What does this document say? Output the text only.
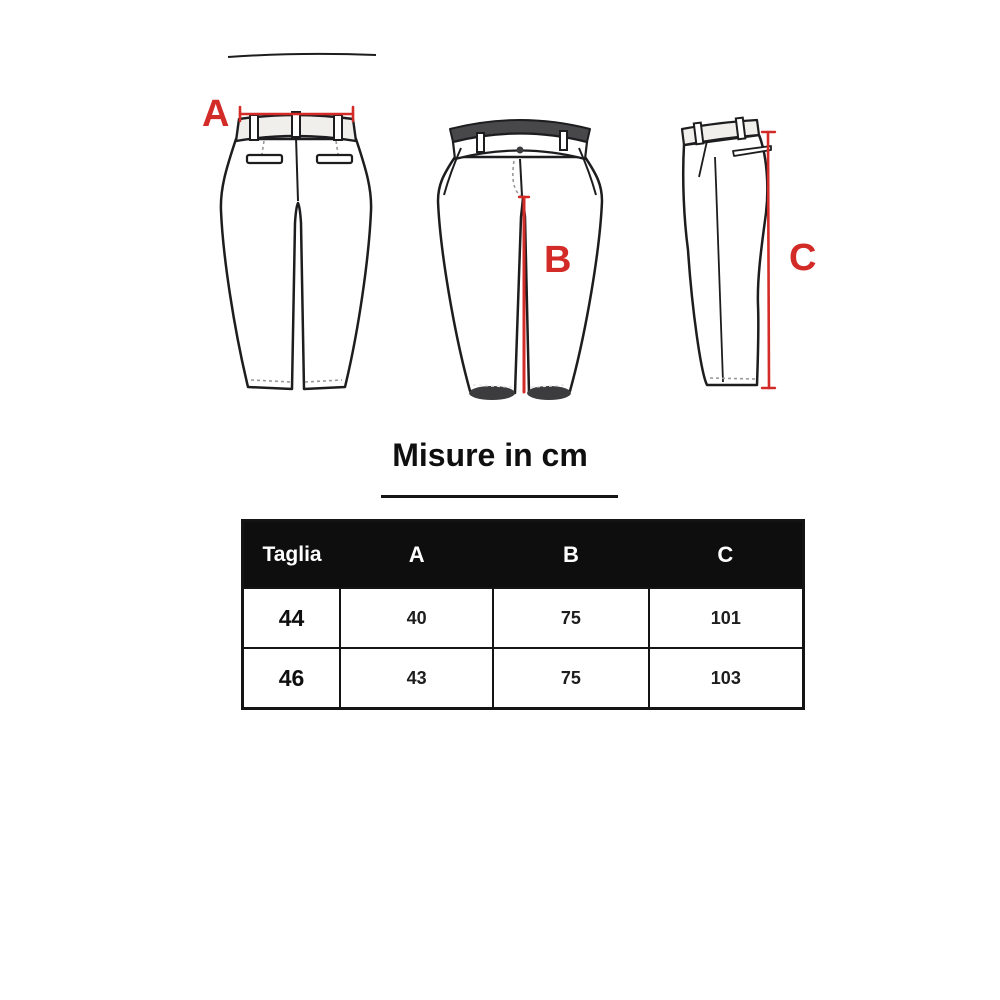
A
B	C
Misure in cm
Taglia	A	B	C
44	40	75	101
46	43	75	103
